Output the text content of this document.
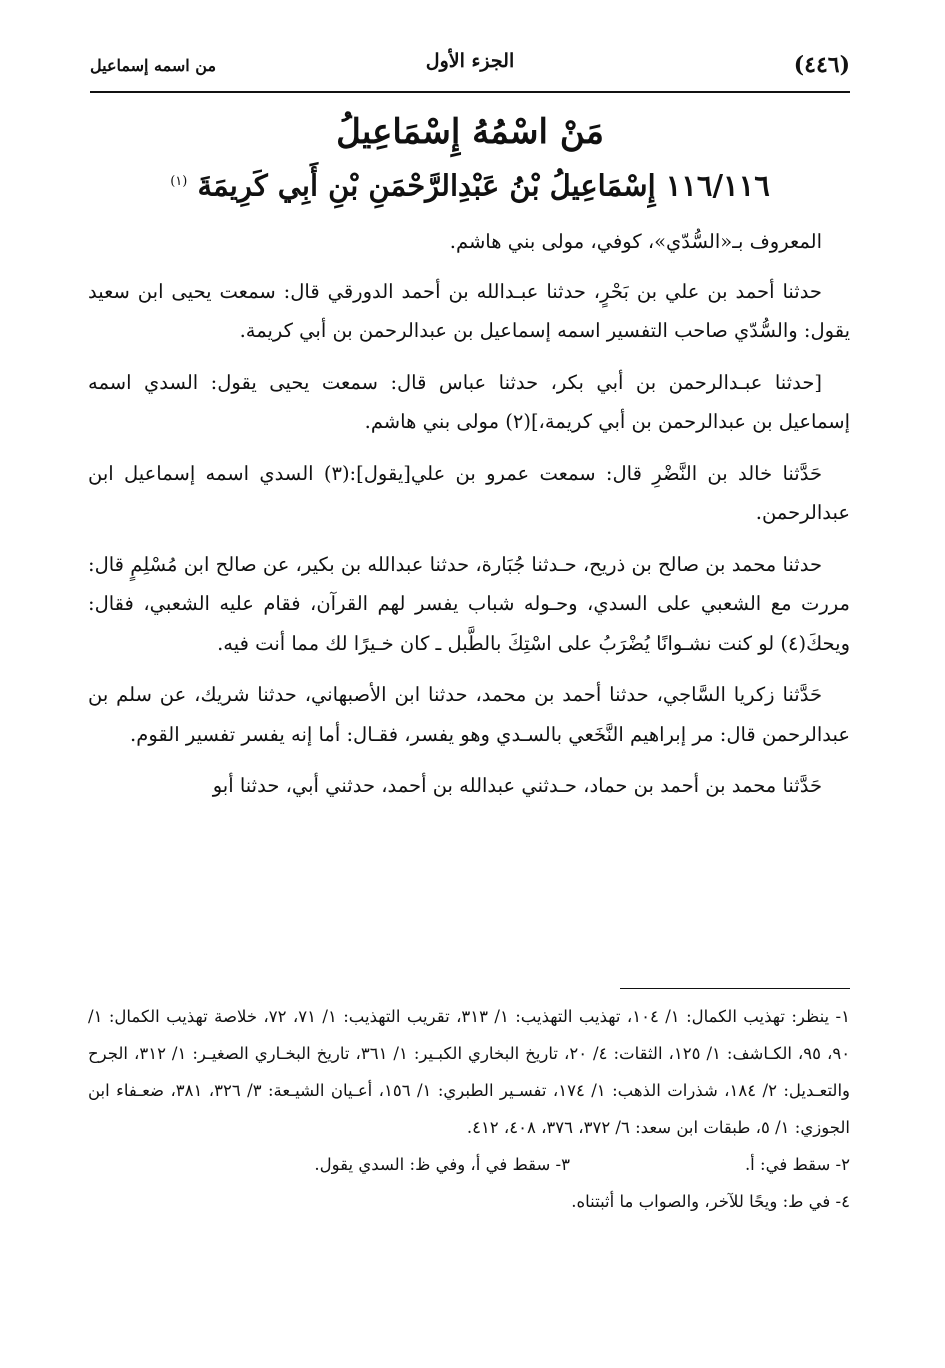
(٤٤٦)
الجزء الأول
من اسمه إسماعيل
مَنْ اسْمُهُ إِسْمَاعِيلُ
١١٦/١١٦ إِسْمَاعِيلُ بْنُ عَبْدِالرَّحْمَنِ بْنِ أَبِي كَرِيمَةَ $^{(١)}$

المعروف بـ«السُّدّي»، كوفي، مولى بني هاشم.

حدثنا أحمد بن علي بن بَحْرٍ، حدثنا عبـدالله بن أحمد الدورقي قال: سمعت يحيى ابن سعيد يقول: والسُّدّي صاحب التفسير اسمه إسماعيل بن عبدالرحمن بن أبي كريمة.

[حدثنا عبـدالرحمن بن أبي بكر، حدثنا عباس قال: سمعت يحيى يقول: السدي اسمه إسماعيل بن عبدالرحمن بن أبي كريمة،](٢) مولى بني هاشم.

حَدَّثنا خالد بن النَّضْرِ قال: سمعت عمرو بن علي[يقول]:(٣) السدي اسمه إسماعيل ابن عبدالرحمن.

حدثنا محمد بن صالح بن ذريح، حـدثنا جُبَارة، حدثنا عبدالله بن بكير، عن صالح ابن مُسْلِمٍ قال: مررت مع الشعبي على السدي، وحـوله شباب يفسر لهم القرآن، فقام عليه الشعبي، فقال: ويحكَ(٤) لو كنت نشـوانًا يُضْرَبُ على اسْتِكَ بالطَّبل ـ كان خـيرًا لك مما أنت فيه.

حَدَّثنا زكريا السَّاجي، حدثنا أحمد بن محمد، حدثنا ابن الأصبهاني، حدثنا شريك، عن سلم بن عبدالرحمن قال: مر إبراهيم النَّخَعي بالسـدي وهو يفسر، فقـال: أما إنه يفسر تفسير القوم.

حَدَّثنا محمد بن أحمد بن حماد، حـدثني عبدالله بن أحمد، حدثني أبي، حدثنا أبو

١- ينظر: تهذيب الكمال: ١/ ١٠٤، تهذيب التهذيب: ١/ ٣١٣، تقريب التهذيب: ١/ ٧١، ٧٢، خلاصة تهذيب الكمال: ١/ ٩٠، ٩٥، الكـاشف: ١/ ١٢٥، الثقات: ٤/ ٢٠، تاريخ البخاري الكبـير: ١/ ٣٦١، تاريخ البخـاري الصغيـر: ١/ ٣١٢، الجرح والتعـديل: ٢/ ١٨٤، شذرات الذهب: ١/ ١٧٤، تفسـير الطبري: ١/ ١٥٦، أعـيان الشيـعة: ٣/ ٣٢٦، ٣٨١، ضعـفاء ابن الجوزي: ١/ ٥، طبقات ابن سعد: ٦/ ٣٧٢، ٣٧٦، ٤٠٨، ٤١٢.

٢- سقط في: أ.
٣- سقط في أ، وفي ظ: السدي يقول.

٤- في ط: ويحًا للآخر، والصواب ما أثبتناه.
